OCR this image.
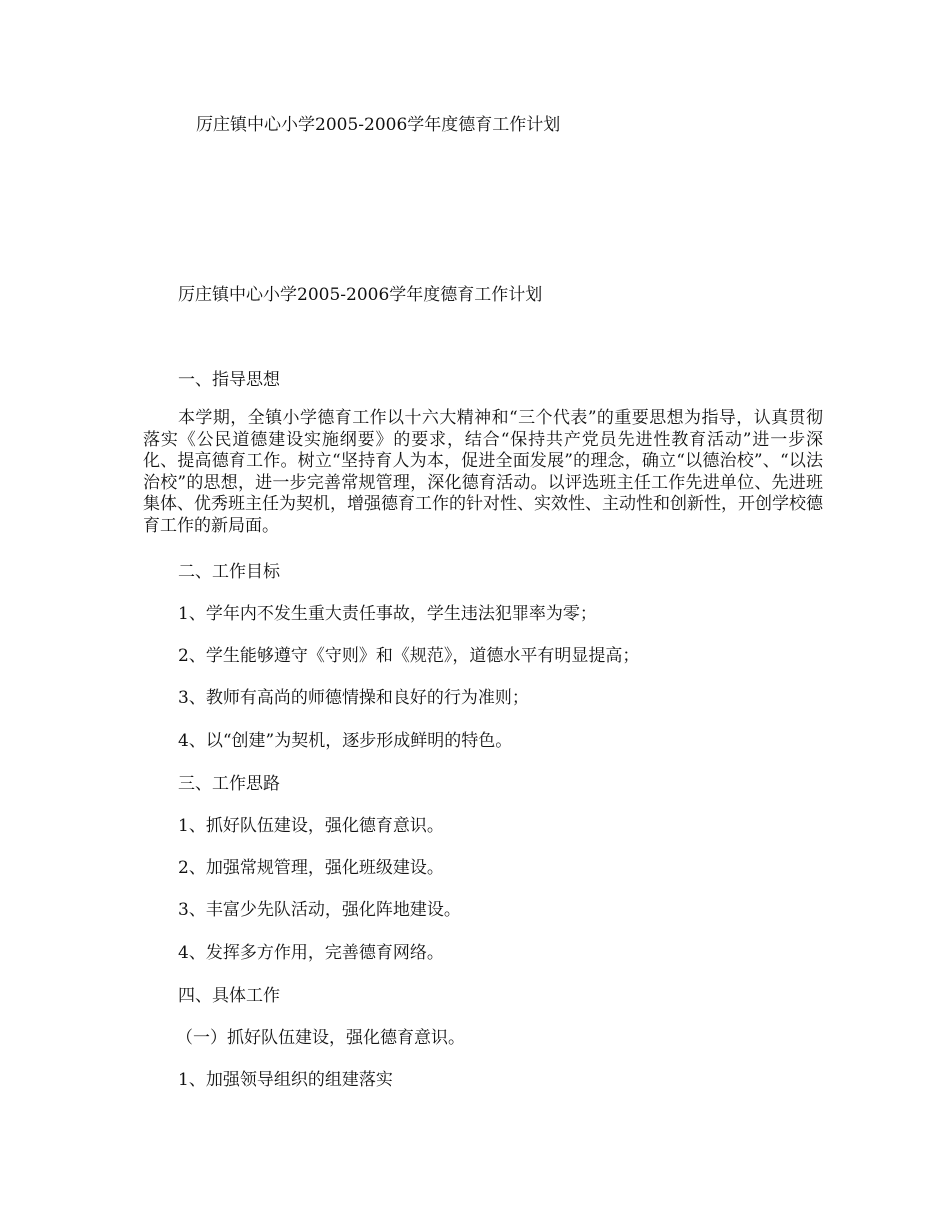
厉庄镇中心小学2005-2006学年度德育工作计划
厉庄镇中心小学2005-2006学年度德育工作计划
一、指导思想
本学期，全镇小学德育工作以十六大精神和“三个代表”的重要思想为指导，认真贯彻落实《公民道德建设实施纲要》的要求，结合“保持共产党员先进性教育活动”进一步深化、提高德育工作。树立“坚持育人为本，促进全面发展”的理念，确立“以德治校”、“以法治校”的思想，进一步完善常规管理，深化德育活动。以评选班主任工作先进单位、先进班集体、优秀班主任为契机，增强德育工作的针对性、实效性、主动性和创新性，开创学校德育工作的新局面。
二、工作目标
1、学年内不发生重大责任事故，学生违法犯罪率为零；
2、学生能够遵守《守则》和《规范》，道德水平有明显提高；
3、教师有高尚的师德情操和良好的行为准则；
4、以“创建”为契机，逐步形成鲜明的特色。
三、工作思路
1、抓好队伍建设，强化德育意识。
2、加强常规管理，强化班级建设。
3、丰富少先队活动，强化阵地建设。
4、发挥多方作用，完善德育网络。
四、具体工作
（一）抓好队伍建设，强化德育意识。
1、加强领导组织的组建落实
